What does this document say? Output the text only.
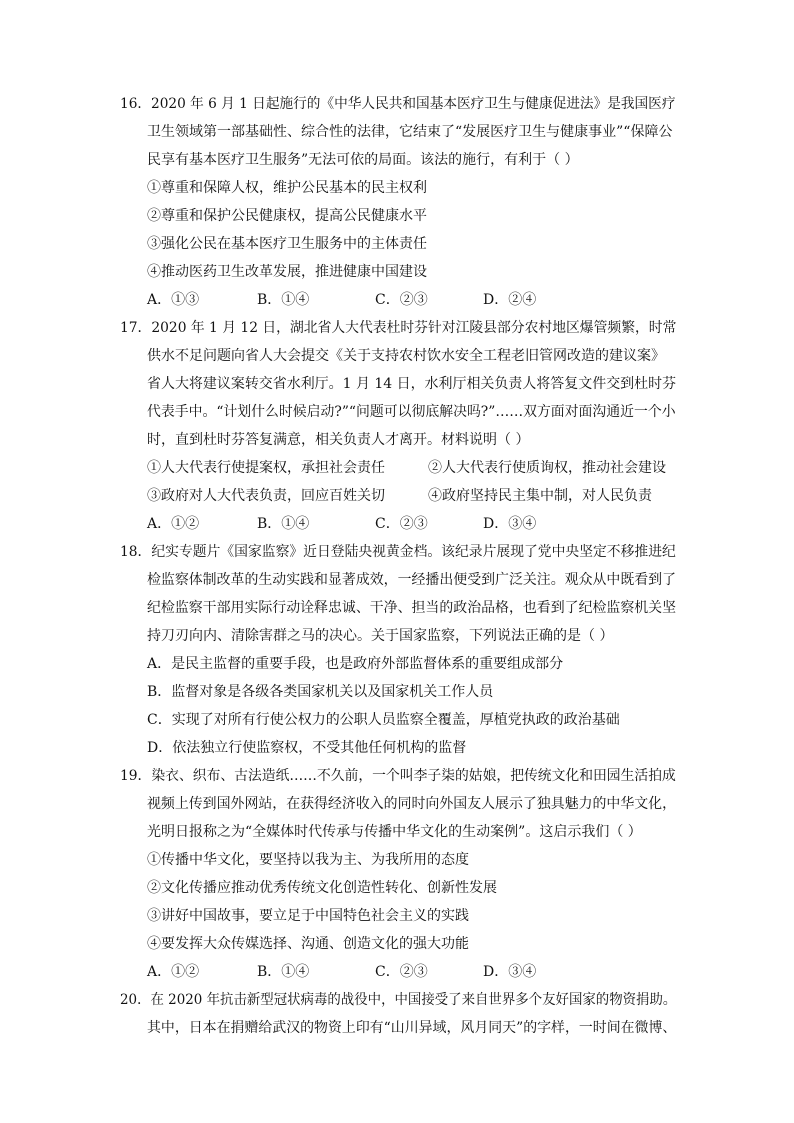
16．2020 年 6 月 1 日起施行的《中华人民共和国基本医疗卫生与健康促进法》是我国医疗
卫生领域第一部基础性、综合性的法律，它结束了“发展医疗卫生与健康事业”“保障公
民享有基本医疗卫生服务”无法可依的局面。该法的施行，有利于（ ）
①尊重和保障人权，维护公民基本的民主权利
②尊重和保护公民健康权，提高公民健康水平
③强化公民在基本医疗卫生服务中的主体责任
④推动医药卫生改革发展，推进健康中国建设
A．①③	B．①④	C．②③	D．②④
17．2020 年 1 月 12 日，湖北省人大代表杜时芬针对江陵县部分农村地区爆管频繁，时常
供水不足问题向省人大会提交《关于支持农村饮水安全工程老旧管网改造的建议案》
省人大将建议案转交省水利厅。1 月 14 日，水利厅相关负责人将答复文件交到杜时芬
代表手中。“计划什么时候启动?”“问题可以彻底解决吗?”……双方面对面沟通近一个小
时，直到杜时芬答复满意，相关负责人才离开。材料说明（ ）
①人大代表行使提案权，承担社会责任	②人大代表行使质询权，推动社会建设
③政府对人大代表负责，回应百姓关切	④政府坚持民主集中制，对人民负责
A．①②	B．①④	C．②③	D．③④
18．纪实专题片《国家监察》近日登陆央视黄金档。该纪录片展现了党中央坚定不移推进纪
检监察体制改革的生动实践和显著成效，一经播出便受到广泛关注。观众从中既看到了
纪检监察干部用实际行动诠释忠诚、干净、担当的政治品格，也看到了纪检监察机关坚
持刀刃向内、清除害群之马的决心。关于国家监察，下列说法正确的是（ ）
A．是民主监督的重要手段，也是政府外部监督体系的重要组成部分
B．监督对象是各级各类国家机关以及国家机关工作人员
C．实现了对所有行使公权力的公职人员监察全覆盖，厚植党执政的政治基础
D．依法独立行使监察权，不受其他任何机构的监督
19．染衣、织布、古法造纸……不久前，一个叫李子柒的姑娘，把传统文化和田园生活拍成
视频上传到国外网站，在获得经济收入的同时向外国友人展示了独具魅力的中华文化，
光明日报称之为“全媒体时代传承与传播中华文化的生动案例”。这启示我们（ ）
①传播中华文化，要坚持以我为主、为我所用的态度
②文化传播应推动优秀传统文化创造性转化、创新性发展
③讲好中国故事，要立足于中国特色社会主义的实践
④要发挥大众传媒选择、沟通、创造文化的强大功能
A．①②	B．①④	C．②③	D．③④
20．在 2020 年抗击新型冠状病毒的战役中，中国接受了来自世界多个友好国家的物资捐助。
其中，日本在捐赠给武汉的物资上印有“山川异域，风月同天”的字样，一时间在微博、
